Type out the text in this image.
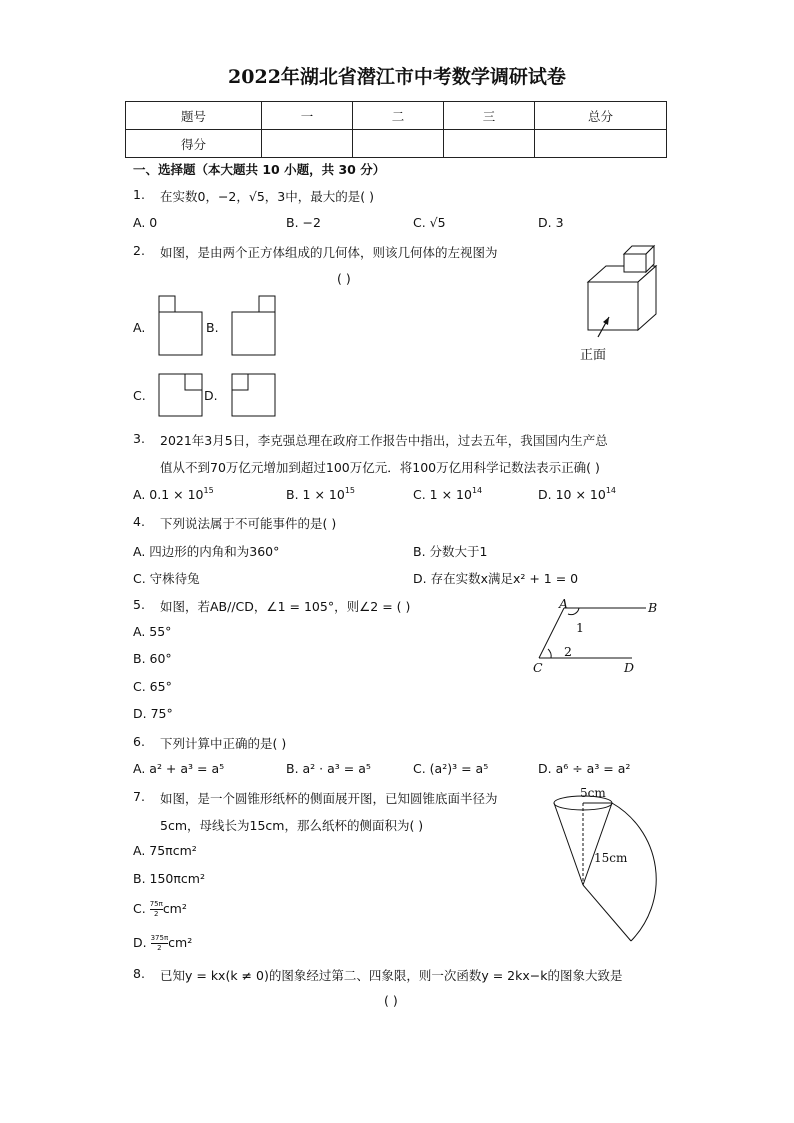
2022年湖北省潜江市中考数学调研试卷
题号	一	二	三	总分
得分				
一、选择题（本大题共 10 小题，共 30 分）
1. 在实数0，−2，√5，3中，最大的是( )
A. 0	B. −2	C. √5	D. 3
2. 如图，是由两个正方体组成的几何体，则该几何体的左视图为
( )
A.	B.
C.	D.
正面
3. 2021年3月5日，李克强总理在政府工作报告中指出，过去五年，我国国内生产总
值从不到70万亿元增加到超过100万亿元．将100万亿用科学记数法表示正确( )
A. $0.1 \times 10^{15}$	B. $1 \times 10^{15}$	C. $1 \times 10^{14}$	D. $10 \times 10^{14}$
4. 下列说法属于不可能事件的是( )
A. 四边形的内角和为360°	B. 分数大于1
C. 守株待兔	D. 存在实数x满足x² + 1 = 0
5. 如图，若AB//CD，∠1 = 105°，则∠2 = ( )
A. 55°
B. 60°
C. 65°
D. 75°
A	B
C	D
1
2
6. 下列计算中正确的是( )
A. a² + a³ = a⁵	B. a² · a³ = a⁵	C. (a²)³ = a⁵	D. a⁶ ÷ a³ = a²
7. 如图，是一个圆锥形纸杯的侧面展开图，已知圆锥底面半径为
5cm，母线长为15cm，那么纸杯的侧面积为( )
A. 75πcm²
B. 150πcm²
C. $\frac{75\pi}{2} cm^2$
D. $\frac{375\pi}{2} cm^2$
5cm
15cm
8. 已知y = kx(k ≠ 0)的图象经过第二、四象限，则一次函数y = 2kx−k的图象大致是
( )
